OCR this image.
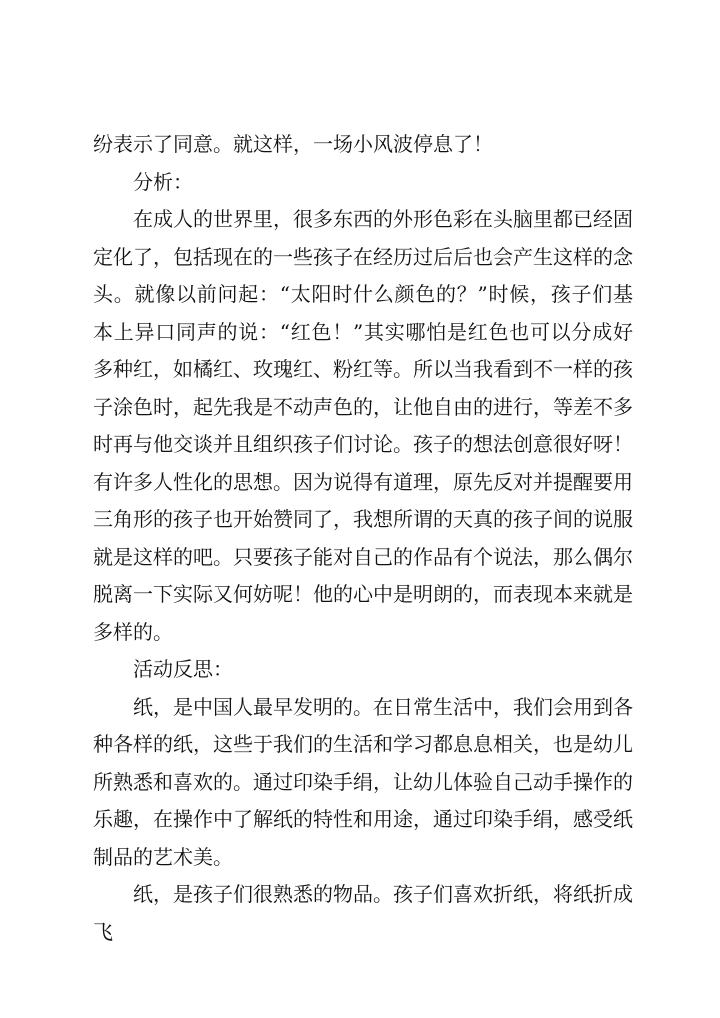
纷表示了同意。就这样，一场小风波停息了！

分析：

在成人的世界里，很多东西的外形色彩在头脑里都已经固定化了，包括现在的一些孩子在经历过后后也会产生这样的念头。就像以前问起：“太阳时什么颜色的？”时候，孩子们基本上异口同声的说：“红色！”其实哪怕是红色也可以分成好多种红，如橘红、玫瑰红、粉红等。所以当我看到不一样的孩子涂色时，起先我是不动声色的，让他自由的进行，等差不多时再与他交谈并且组织孩子们讨论。孩子的想法创意很好呀！有许多人性化的思想。因为说得有道理，原先反对并提醒要用三角形的孩子也开始赞同了，我想所谓的天真的孩子间的说服就是这样的吧。只要孩子能对自己的作品有个说法，那么偶尔脱离一下实际又何妨呢！他的心中是明朗的，而表现本来就是多样的。

活动反思：

纸，是中国人最早发明的。在日常生活中，我们会用到各种各样的纸，这些于我们的生活和学习都息息相关，也是幼儿所熟悉和喜欢的。通过印染手绢，让幼儿体验自己动手操作的乐趣，在操作中了解纸的特性和用途，通过印染手绢，感受纸制品的艺术美。

纸，是孩子们很熟悉的物品。孩子们喜欢折纸，将纸折成飞
